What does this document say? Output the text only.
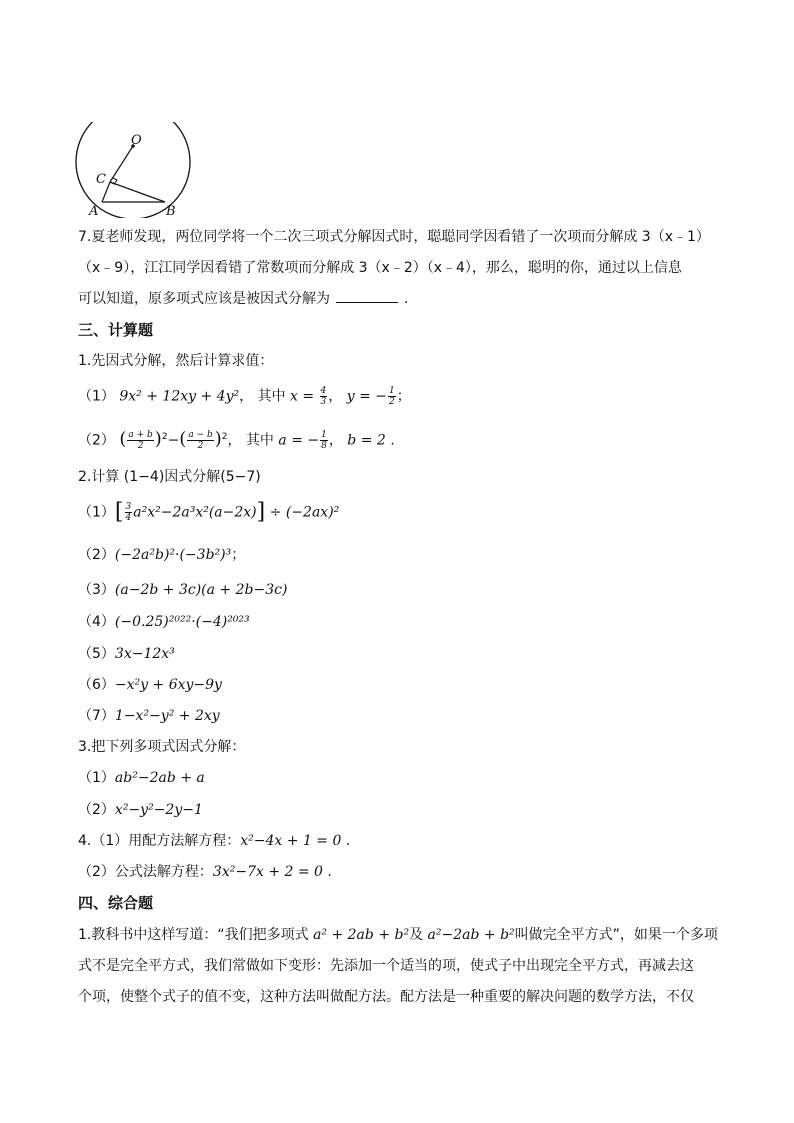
O
C
A	B
7.夏老师发现，两位同学将一个二次三项式分解因式时，聪聪同学因看错了一次项而分解成 3（x﹣1）
（x﹣9），江江同学因看错了常数项而分解成 3（x﹣2）（x﹣4），那么，聪明的你，通过以上信息
可以知道，原多项式应该是被因式分解为	.
三、计算题
1.先因式分解，然后计算求值：
（1） 9x² + 12xy + 4y²， 其中 $x = \frac{4}{3}$ ， y = − $\frac{1}{2}$ ；
（2） ( $\frac{a + b}{2} )^2-( \frac{a - b}{2} )^2$， 其中 a = − $\frac{1}{8}$ ， b = 2 .
2.计算 (1−4)因式分解(5−7)
$(1)[ \frac{3}{4} a^2x^2-2a^3x^2(a-2x)] \div (-2ax)^2$
（2）(−2a²b)²·(−3b²)³；
（3）(a−2b + 3c)(a + 2b−3c)
（4）(−0.25)²⁰²²·(−4)²⁰²³
（5）3x−12x³
（6）−x²y + 6xy−9y
（7）1−x²−y² + 2xy
3.把下列多项式因式分解：
（1）ab²−2ab + a
（2）x²−y²−2y−1
4.（1）用配方法解方程：x²−4x + 1 = 0 .
（2）公式法解方程：3x²−7x + 2 = 0 .
四、综合题
1.教科书中这样写道：“我们把多项式 a² + 2ab + b²及 a²−2ab + b²叫做完全平方式”，如果一个多项
式不是完全平方式，我们常做如下变形：先添加一个适当的项，使式子中出现完全平方式，再减去这
个项，使整个式子的值不变，这种方法叫做配方法。配方法是一种重要的解决问题的数学方法，不仅
